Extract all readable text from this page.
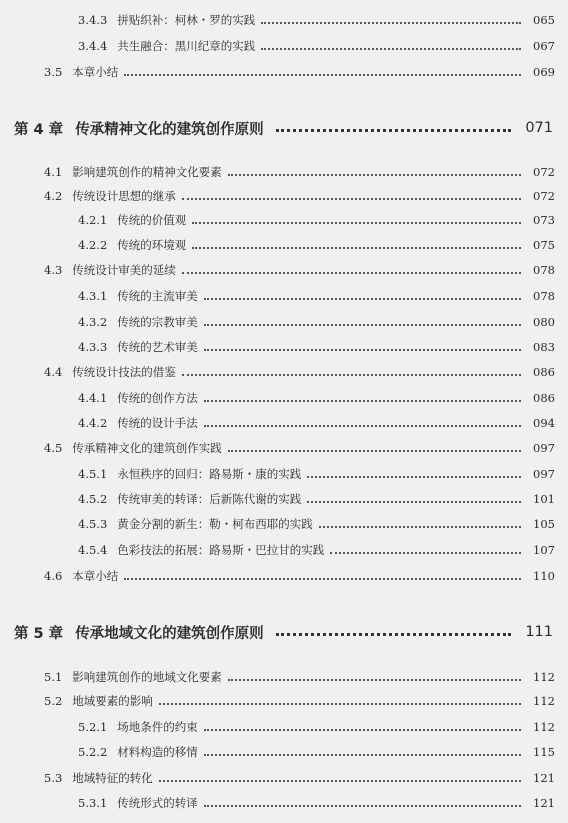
3.4.3 拼贴织补：柯林・罗的实践	065
3.4.4 共生融合：黑川纪章的实践	067
3.5 本章小结	069
第 4 章 传承精神文化的建筑创作原则	071
4.1 影响建筑创作的精神文化要素	072
4.2 传统设计思想的继承	072
4.2.1 传统的价值观	073
4.2.2 传统的环境观	075
4.3 传统设计审美的延续	078
4.3.1 传统的主流审美	078
4.3.2 传统的宗教审美	080
4.3.3 传统的艺术审美	083
4.4 传统设计技法的借鉴	086
4.4.1 传统的创作方法	086
4.4.2 传统的设计手法	094
4.5 传承精神文化的建筑创作实践	097
4.5.1 永恒秩序的回归：路易斯・康的实践	097
4.5.2 传统审美的转译：后新陈代谢的实践	101
4.5.3 黄金分割的新生：勒・柯布西耶的实践	105
4.5.4 色彩技法的拓展：路易斯・巴拉甘的实践	107
4.6 本章小结	110
第 5 章 传承地域文化的建筑创作原则	111
5.1 影响建筑创作的地域文化要素	112
5.2 地域要素的影响	112
5.2.1 场地条件的约束	112
5.2.2 材料构造的移情	115
5.3 地域特征的转化	121
5.3.1 传统形式的转译	121
